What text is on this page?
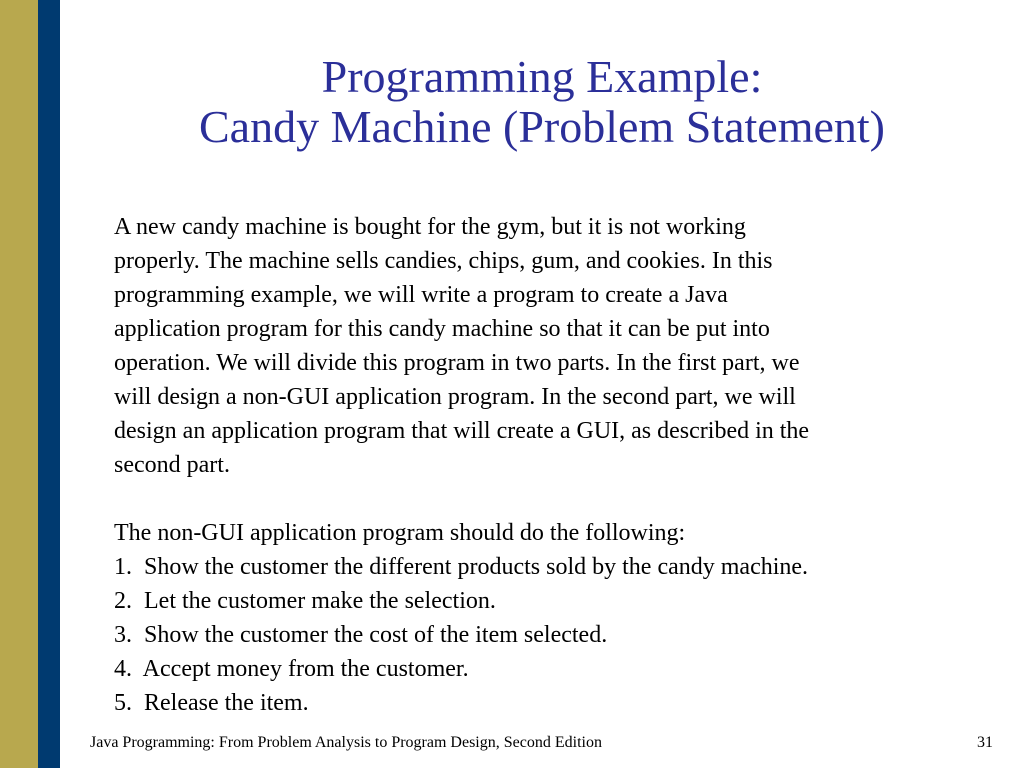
Programming Example:
Candy Machine (Problem Statement)
A new candy machine is bought for the gym, but it is not working
properly. The machine sells candies, chips, gum, and cookies. In this
programming example, we will write a program to create a Java
application program for this candy machine so that it can be put into
operation. We will divide this program in two parts. In the first part, we
will design a non-GUI application program. In the second part, we will
design an application program that will create a GUI, as described in the
second part.
The non-GUI application program should do the following:
1.  Show the customer the different products sold by the candy machine.
2.  Let the customer make the selection.
3.  Show the customer the cost of the item selected.
4.  Accept money from the customer.
5.  Release the item.
Java Programming: From Problem Analysis to Program Design, Second Edition	31
